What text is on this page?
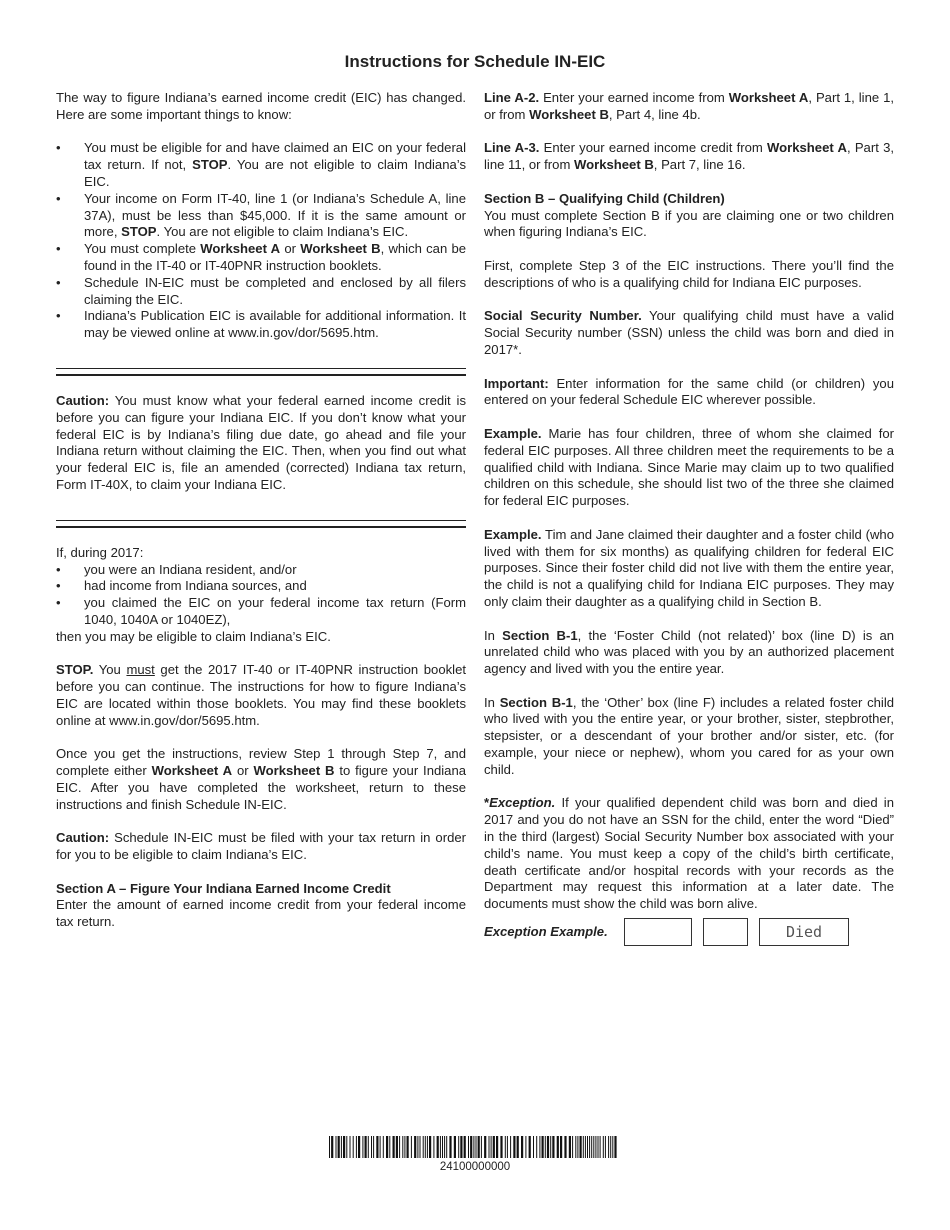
Instructions for Schedule IN-EIC

The way to figure Indiana’s earned income credit (EIC) has changed. Here are some important things to know:

• You must be eligible for and have claimed an EIC on your federal tax return. If not, STOP. You are not eligible to claim Indiana’s EIC.
• Your income on Form IT-40, line 1 (or Indiana’s Schedule A, line 37A), must be less than $45,000. If it is the same amount or more, STOP. You are not eligible to claim Indiana’s EIC.
• You must complete Worksheet A or Worksheet B, which can be found in the IT-40 or IT-40PNR instruction booklets.
• Schedule IN-EIC must be completed and enclosed by all filers claiming the EIC.
• Indiana’s Publication EIC is available for additional information. It may be viewed online at www.in.gov/dor/5695.htm.

Caution: You must know what your federal earned income credit is before you can figure your Indiana EIC. If you don’t know what your federal EIC is by Indiana’s filing due date, go ahead and file your Indiana return without claiming the EIC. Then, when you find out what your federal EIC is, file an amended (corrected) Indiana tax return, Form IT-40X, to claim your Indiana EIC.

If, during 2017:

• you were an Indiana resident, and/or
• had income from Indiana sources, and
• you claimed the EIC on your federal income tax return (Form 1040, 1040A or 1040EZ),

then you may be eligible to claim Indiana’s EIC.

STOP. You must get the 2017 IT-40 or IT-40PNR instruction booklet before you can continue. The instructions for how to figure Indiana’s EIC are located within those booklets. You may find these booklets online at www.in.gov/dor/5695.htm.

Once you get the instructions, review Step 1 through Step 7, and complete either Worksheet A or Worksheet B to figure your Indiana EIC. After you have completed the worksheet, return to these instructions and finish Schedule IN-EIC.

Caution: Schedule IN-EIC must be filed with your tax return in order for you to be eligible to claim Indiana’s EIC.

Section A – Figure Your Indiana Earned Income Credit

Enter the amount of earned income credit from your federal income tax return.

Line A-2. Enter your earned income from Worksheet A, Part 1, line 1, or from Worksheet B, Part 4, line 4b.

Line A-3. Enter your earned income credit from Worksheet A, Part 3, line 11, or from Worksheet B, Part 7, line 16.

Section B – Qualifying Child (Children)

You must complete Section B if you are claiming one or two children when figuring Indiana’s EIC.

First, complete Step 3 of the EIC instructions. There you’ll find the descriptions of who is a qualifying child for Indiana EIC purposes.

Social Security Number. Your qualifying child must have a valid Social Security number (SSN) unless the child was born and died in 2017*.

Important: Enter information for the same child (or children) you entered on your federal Schedule EIC wherever possible.

Example. Marie has four children, three of whom she claimed for federal EIC purposes. All three children meet the requirements to be a qualified child with Indiana. Since Marie may claim up to two qualified children on this schedule, she should list two of the three she claimed for federal EIC purposes.

Example. Tim and Jane claimed their daughter and a foster child (who lived with them for six months) as qualifying children for federal EIC purposes. Since their foster child did not live with them the entire year, the child is not a qualifying child for Indiana EIC purposes. They may only claim their daughter as a qualifying child in Section B.

In Section B-1, the ‘Foster Child (not related)’ box (line D) is an unrelated child who was placed with you by an authorized placement agency and lived with you the entire year.

In Section B-1, the ‘Other’ box (line F) includes a related foster child who lived with you the entire year, or your brother, sister, stepbrother, stepsister, or a descendant of your brother and/or sister, etc. (for example, your niece or nephew), whom you cared for as your own child.

*Exception. If your qualified dependent child was born and died in 2017 and you do not have an SSN for the child, enter the word “Died” in the third (largest) Social Security Number box associated with your child’s name. You must keep a copy of the child’s birth certificate, death certificate and/or hospital records with your records as the Department may request this information at a later date. The documents must show the child was born alive.

Exception Example.	Died
24100000000
